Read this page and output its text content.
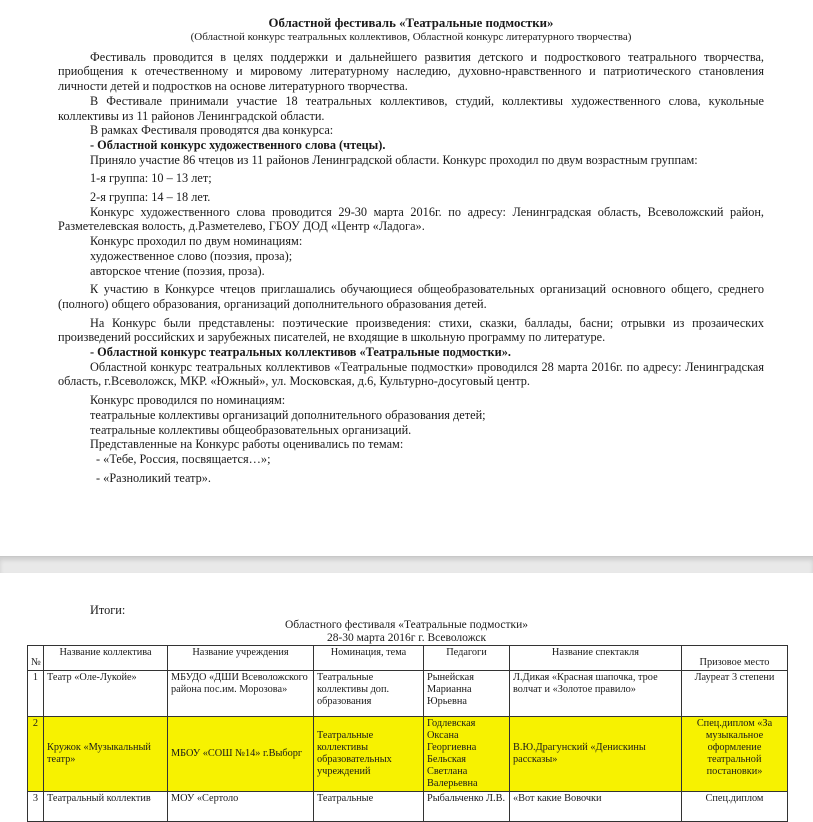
Областной фестиваль «Театральные подмостки»

(Областной конкурс театральных коллективов, Областной конкурс литературного творчества)

Фестиваль проводится в целях поддержки и дальнейшего развития детского и подросткового театрального творчества, приобщения к отечественному и мировому литературному наследию, духовно-нравственного и патриотического становления личности детей и подростков на основе литературного творчества.

В Фестивале принимали участие 18 театральных коллективов, студий, коллективы художественного слова, кукольные коллективы из 11 районов Ленинградской области.

В рамках Фестиваля проводятся два конкурса:

- Областной конкурс художественного слова (чтецы).

Приняло участие 86 чтецов из 11 районов Ленинградской области. Конкурс проходил по двум возрастным группам:

1-я группа: 10 – 13 лет;

2-я группа: 14 – 18 лет.

Конкурс художественного слова проводится 29-30 марта 2016г. по адресу: Ленинградская область, Всеволожский район, Разметелевская волость, д.Разметелево, ГБОУ ДОД «Центр «Ладога».

Конкурс проходил по двум номинациям:

художественное слово (поэзия, проза);

авторское чтение (поэзия, проза).

К участию в Конкурсе чтецов приглашались обучающиеся общеобразовательных организаций основного общего, среднего (полного) общего образования, организаций дополнительного образования детей.

На Конкурс были представлены: поэтические произведения: стихи, сказки, баллады, басни; отрывки из прозаических произведений российских и зарубежных писателей, не входящие в школьную программу по литературе.

- Областной конкурс театральных коллективов «Театральные подмостки».

Областной конкурс театральных коллективов «Театральные подмостки» проводился 28 марта 2016г. по адресу: Ленинградская область, г.Всеволожск, МКР. «Южный», ул. Московская, д.6, Культурно-досуговый центр.

Конкурс проводился по номинациям:

театральные коллективы организаций дополнительного образования детей;

театральные коллективы общеобразовательных организаций.

Представленные на Конкурс работы оценивались по темам:

- «Тебе, Россия, посвящается…»;

- «Разноликий театр».

Итоги:
Областного фестиваля «Театральные подмостки»
28-30 марта 2016г г. Всеволожск
№	Название коллектива	Название учреждения	Номинация, тема	Педагоги	Название спектакля	Призовое место
1	Театр «Оле-Лукойе»	МБУДО «ДШИ Всеволожского района пос.им. Морозова»	Театральные коллективы доп. образования	Рынейская Марианна Юрьевна	Л.Дикая «Красная шапочка, трое волчат и «Золотое правило»	Лауреат 3 степени
2	Кружок «Музыкальный театр»	МБОУ «СОШ №14» г.Выборг	Театральные коллективы образовательных учреждений	Годлевская Оксана Георгиевна Бельская Светлана Валерьевна	В.Ю.Драгунский «Денискины рассказы»	Спец.диплом «За музыкальное оформление театральной постановки»
3	Театральный коллектив	МОУ «Сертоло	Театральные	Рыбальченко Л.В.	«Вот какие Вовочки	Спец.диплом
